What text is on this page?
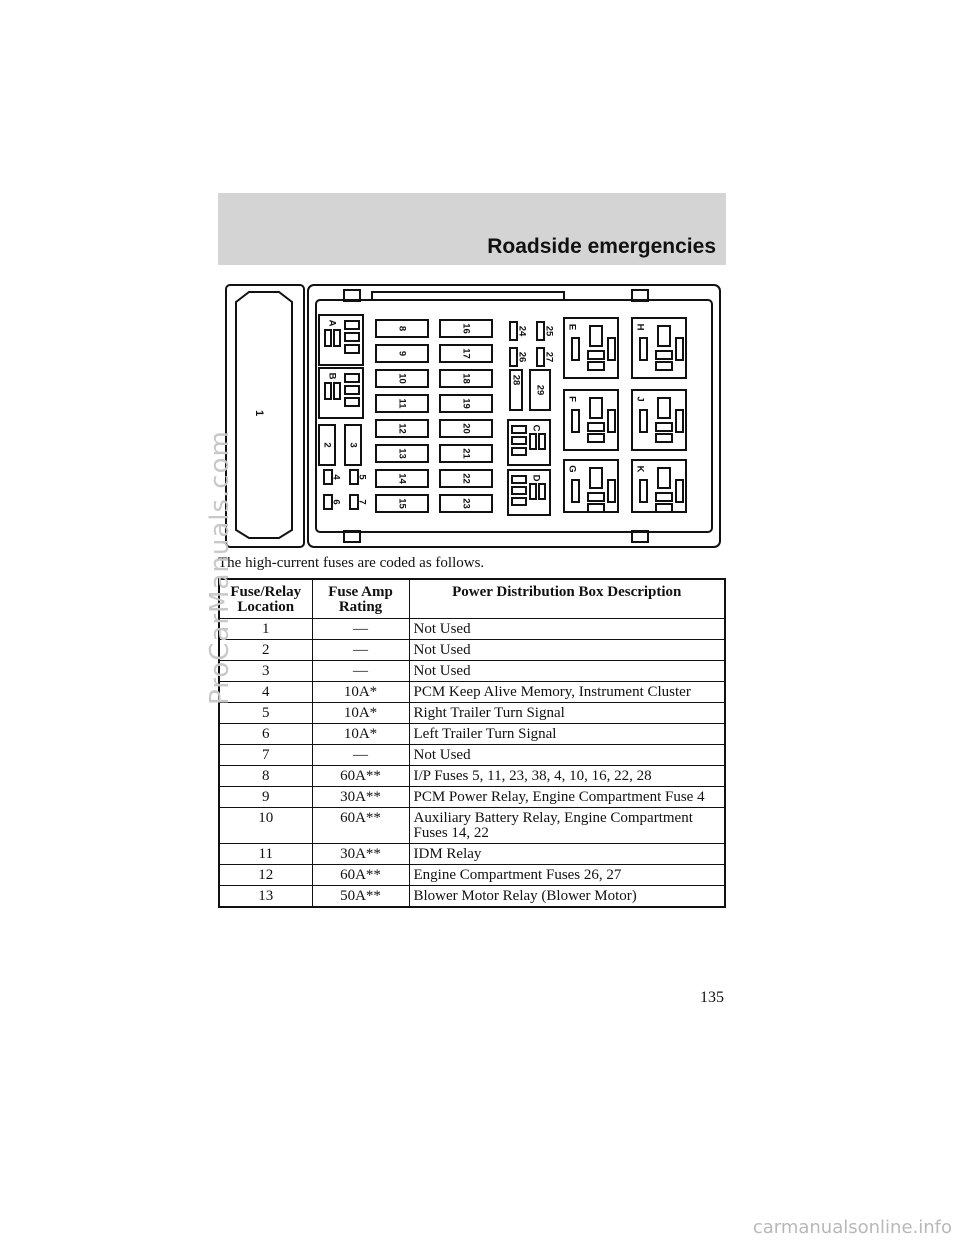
Roadside emergencies
1
8	16
9	17
10	18
11	19
12	20
13	21
14	22
15	23
2 3
4 5
6 7
24 25
26 27
28
29
A
B
C
D
E
F
G
H
J
K
The high-current fuses are coded as follows.
Fuse/Relay Location	Fuse Amp Rating	Power Distribution Box Description
1	—	Not Used
2	—	Not Used
3	—	Not Used
4	10A*	PCM Keep Alive Memory, Instrument Cluster
5	10A*	Right Trailer Turn Signal
6	10A*	Left Trailer Turn Signal
7	—	Not Used
8	60A**	I/P Fuses 5, 11, 23, 38, 4, 10, 16, 22, 28
9	30A**	PCM Power Relay, Engine Compartment Fuse 4
10	60A**	Auxiliary Battery Relay, Engine Compartment Fuses 14, 22
11	30A**	IDM Relay
12	60A**	Engine Compartment Fuses 26, 27
13	50A**	Blower Motor Relay (Blower Motor)
135
ProCarManuals.com
carmanualsonline.info
